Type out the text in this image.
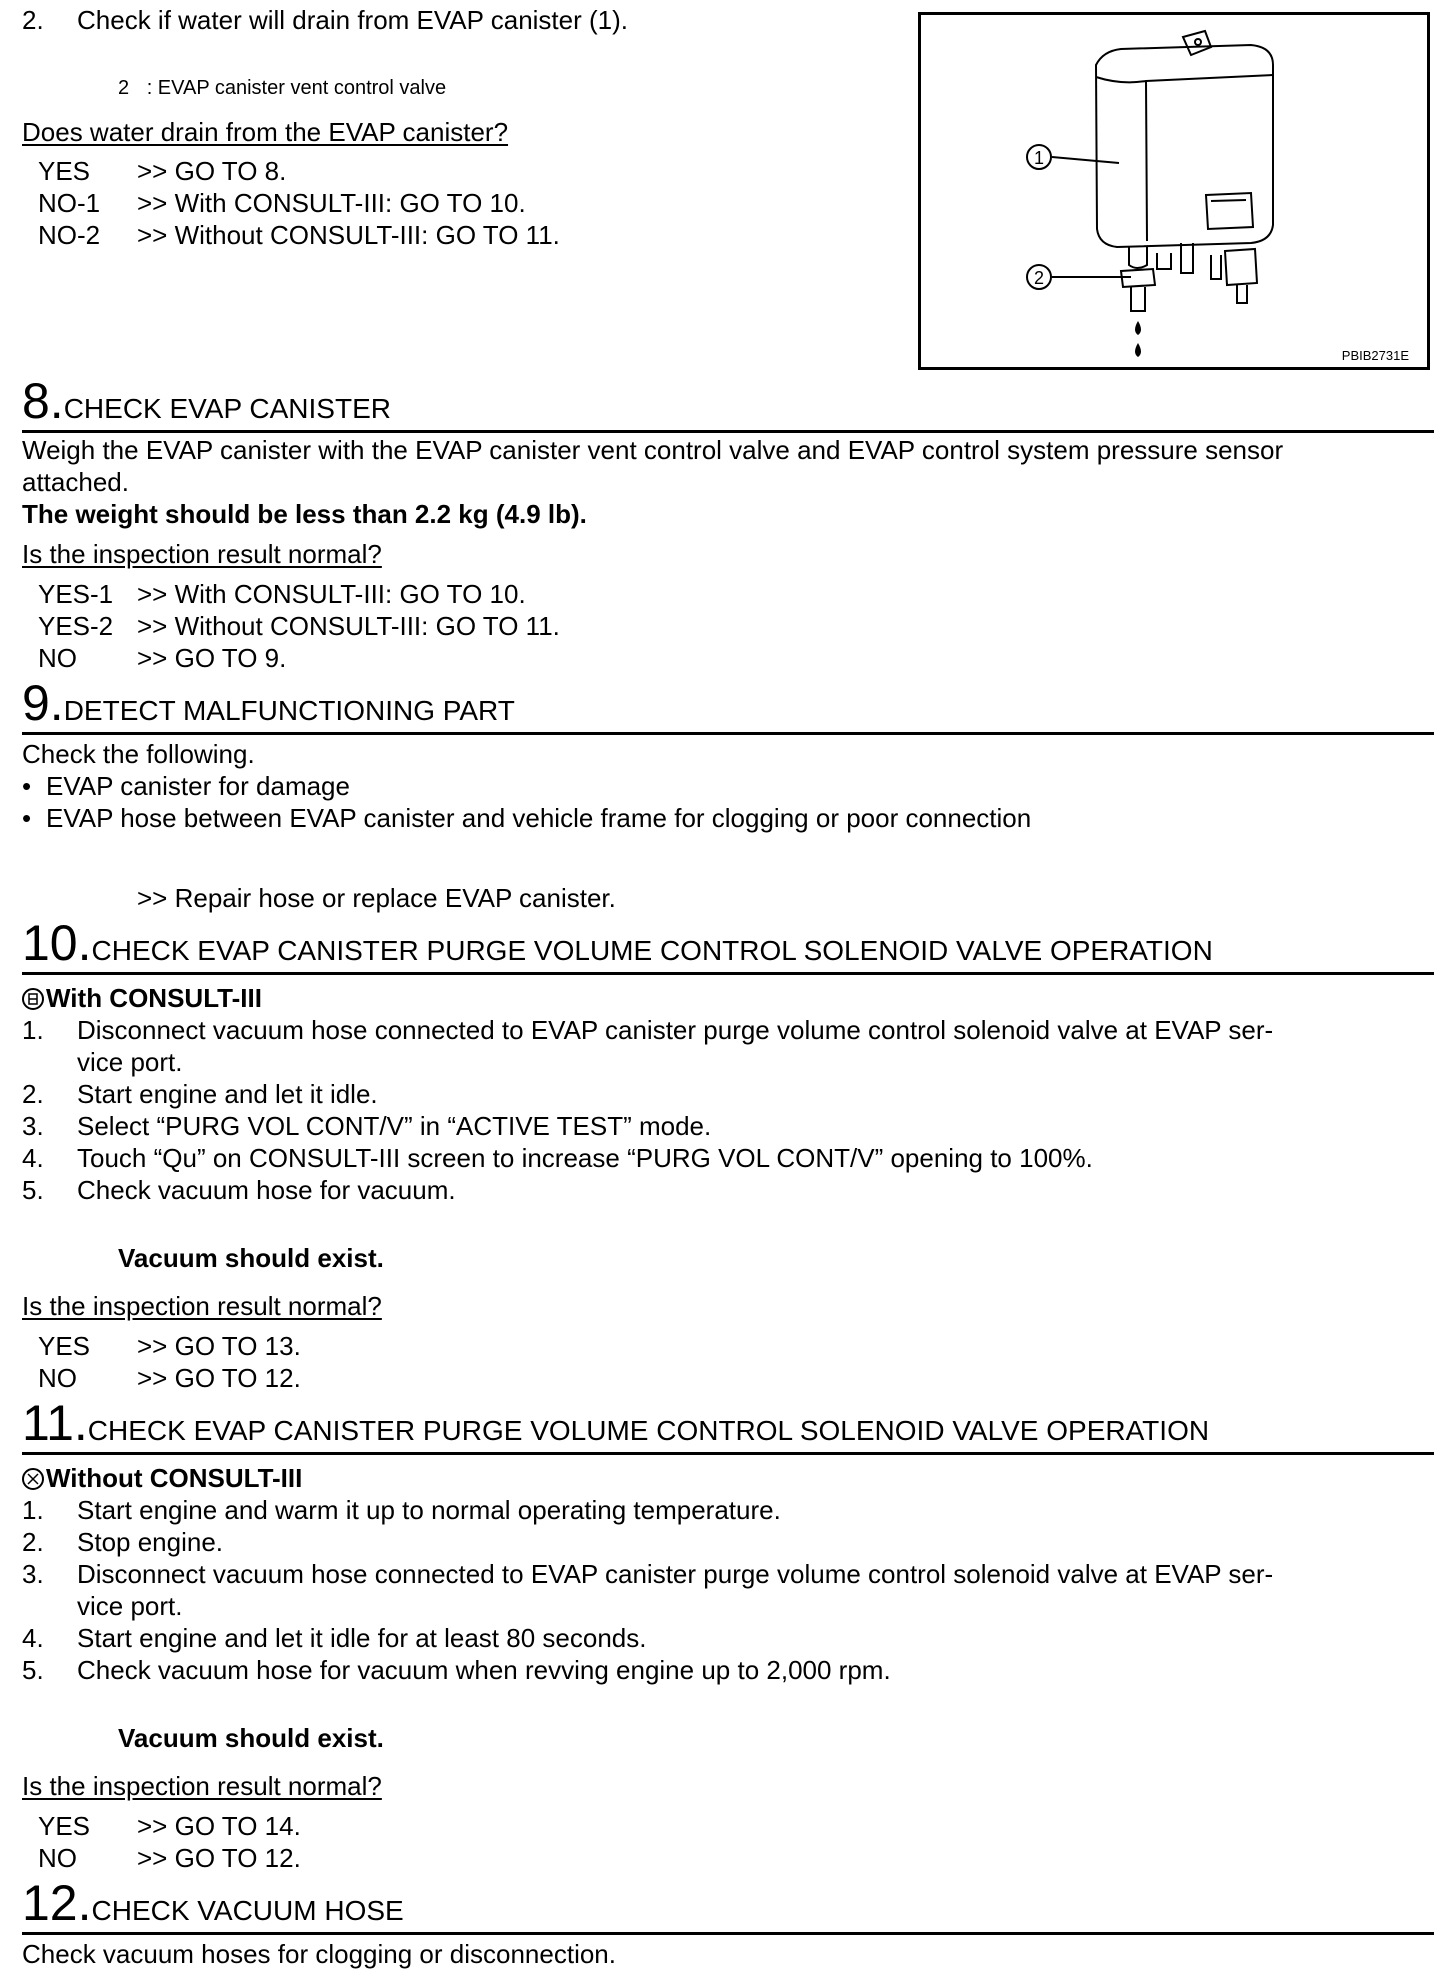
2. Check if water will drain from EVAP canister (1).
2 : EVAP canister vent control valve
Does water drain from the EVAP canister?
YES >> GO TO 8.
NO-1 >> With CONSULT-III: GO TO 10.
NO-2 >> Without CONSULT-III: GO TO 11.
1
2
PBIB2731E
8.CHECK EVAP CANISTER
Weigh the EVAP canister with the EVAP canister vent control valve and EVAP control system pressure sensor
attached.
The weight should be less than 2.2 kg (4.9 lb).
Is the inspection result normal?
YES-1 >> With CONSULT-III: GO TO 10.
YES-2 >> Without CONSULT-III: GO TO 11.
NO >> GO TO 9.
9.DETECT MALFUNCTIONING PART
Check the following.
• EVAP canister for damage
• EVAP hose between EVAP canister and vehicle frame for clogging or poor connection
>> Repair hose or replace EVAP canister.
10.CHECK EVAP CANISTER PURGE VOLUME CONTROL SOLENOID VALVE OPERATION
With CONSULT-III
1. Disconnect vacuum hose connected to EVAP canister purge volume control solenoid valve at EVAP ser-
vice port.
2. Start engine and let it idle.
3. Select “PURG VOL CONT/V” in “ACTIVE TEST” mode.
4. Touch “Qu” on CONSULT-III screen to increase “PURG VOL CONT/V” opening to 100%.
5. Check vacuum hose for vacuum.
Vacuum should exist.
Is the inspection result normal?
YES >> GO TO 13.
NO >> GO TO 12.
11.CHECK EVAP CANISTER PURGE VOLUME CONTROL SOLENOID VALVE OPERATION
Without CONSULT-III
1. Start engine and warm it up to normal operating temperature.
2. Stop engine.
3. Disconnect vacuum hose connected to EVAP canister purge volume control solenoid valve at EVAP ser-
vice port.
4. Start engine and let it idle for at least 80 seconds.
5. Check vacuum hose for vacuum when revving engine up to 2,000 rpm.
Vacuum should exist.
Is the inspection result normal?
YES >> GO TO 14.
NO >> GO TO 12.
12.CHECK VACUUM HOSE
Check vacuum hoses for clogging or disconnection.
